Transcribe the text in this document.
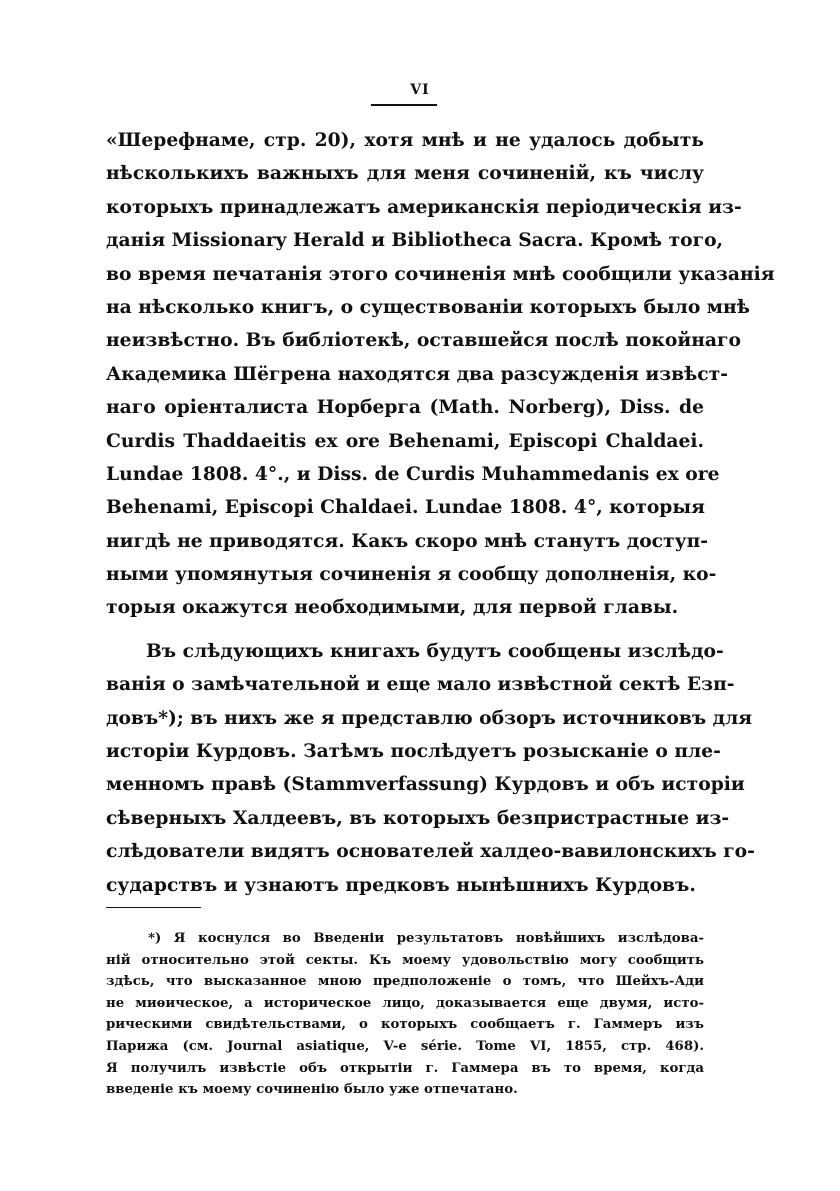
VI
«Шерефнаме, стр. 20), хотя мнѣ и не удалось добыть
нѣсколькихъ важныхъ для меня сочиненій, къ числу
которыхъ принадлежатъ американскія періодическія из-
данія Missionary Herald и Bibliotheca Sacra. Кромѣ того,
во время печатанія этого сочиненія мнѣ сообщили указанія
на нѣсколько книгъ, о существованіи которыхъ было мнѣ
неизвѣстно. Въ библіотекѣ, оставшейся послѣ покойнаго
Академика Шёгрена находятся два разсужденія извѣст-
наго оріенталиста Норберга (Math. Norberg), Diss. de
Curdis Thaddaeitis ex ore Behenami, Episcopi Chaldaei.
Lundae 1808. 4°., и Diss. de Curdis Muhammedanis ex ore
Behenami, Episcopi Chaldaei. Lundae 1808. 4°, которыя
нигдѣ не приводятся. Какъ скоро мнѣ станутъ доступ-
ными упомянутыя сочиненія я сообщу дополненія, ко-
торыя окажутся необходимыми, для первой главы.
Въ слѣдующихъ книгахъ будутъ сообщены изслѣдо-
ванія о замѣчательной и еще мало извѣстной сектѣ Езп-
довъ*); въ нихъ же я представлю обзоръ источниковъ для
исторіи Курдовъ. Затѣмъ послѣдуетъ розысканіе о пле-
менномъ правѣ (Stammverfassung) Курдовъ и объ исторіи
сѣверныхъ Халдеевъ, въ которыхъ безпристрастные из-
слѣдователи видятъ основателей халдео-вавилонскихъ го-
сударствъ и узнаютъ предковъ нынѣшнихъ Курдовъ.
*) Я коснулся во Введеніи результатовъ новѣйшихъ изслѣдова-
ній относительно этой секты. Къ моему удовольствію могу сообщить
здѣсь, что высказанное мною предположеніе о томъ, что Шейхъ-Ади
не миѳическое, а историческое лицо, доказывается еще двумя, исто-
рическими свидѣтельствами, о которыхъ сообщаетъ г. Гаммеръ изъ
Парижа (см. Journal asiatique, V-e série. Tome VI, 1855, стр. 468).
Я получилъ извѣстіе объ открытіи г. Гаммера въ то время, когда
введеніе къ моему сочиненію было уже отпечатано.
